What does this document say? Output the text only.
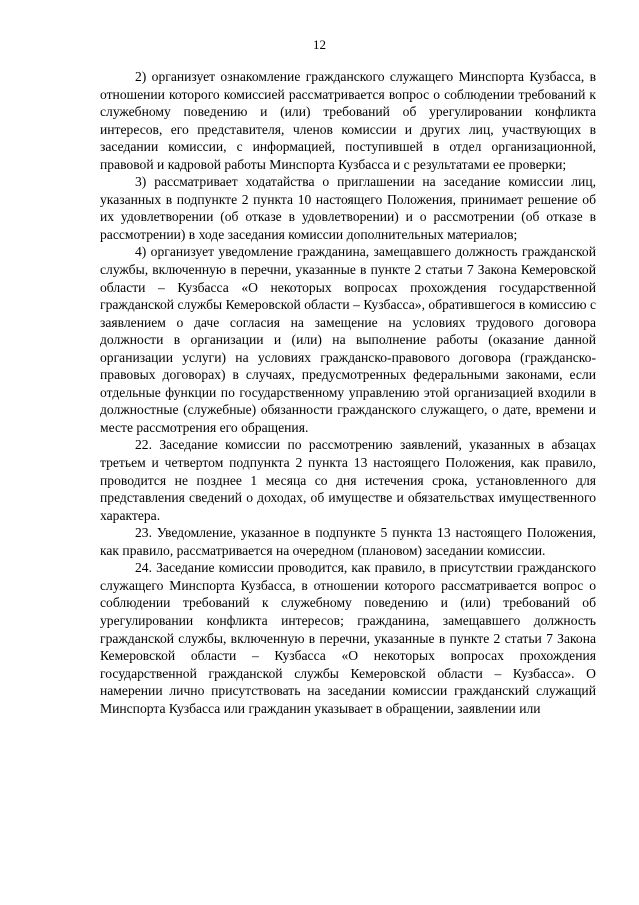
12

2) организует ознакомление гражданского служащего Минспорта Кузбасса, в отношении которого комиссией рассматривается вопрос о соблюдении требований к служебному поведению и (или) требований об урегулировании конфликта интересов, его представителя, членов комиссии и других лиц, участвующих в заседании комиссии, с информацией, поступившей в отдел организационной, правовой и кадровой работы Минспорта Кузбасса и с результатами ее проверки;

3) рассматривает ходатайства о приглашении на заседание комиссии лиц, указанных в подпункте 2 пункта 10 настоящего Положения, принимает решение об их удовлетворении (об отказе в удовлетворении) и о рассмотрении (об отказе в рассмотрении) в ходе заседания комиссии дополнительных материалов;

4) организует уведомление гражданина, замещавшего должность гражданской службы, включенную в перечни, указанные в пункте 2 статьи 7 Закона Кемеровской области – Кузбасса «О некоторых вопросах прохождения государственной гражданской службы Кемеровской области – Кузбасса», обратившегося в комиссию с заявлением о даче согласия на замещение на условиях трудового договора должности в организации и (или) на выполнение работы (оказание данной организации услуги) на условиях гражданско-правового договора (гражданско-правовых договорах) в случаях, предусмотренных федеральными законами, если отдельные функции по государственному управлению этой организацией входили в должностные (служебные) обязанности гражданского служащего, о дате, времени и месте рассмотрения его обращения.

22. Заседание комиссии по рассмотрению заявлений, указанных в абзацах третьем и четвертом подпункта 2 пункта 13 настоящего Положения, как правило, проводится не позднее 1 месяца со дня истечения срока, установленного для представления сведений о доходах, об имуществе и обязательствах имущественного характера.

23. Уведомление, указанное в подпункте 5 пункта 13 настоящего Положения, как правило, рассматривается на очередном (плановом) заседании комиссии.

24. Заседание комиссии проводится, как правило, в присутствии гражданского служащего Минспорта Кузбасса, в отношении которого рассматривается вопрос о соблюдении требований к служебному поведению и (или) требований об урегулировании конфликта интересов; гражданина, замещавшего должность гражданской службы, включенную в перечни, указанные в пункте 2 статьи 7 Закона Кемеровской области – Кузбасса «О некоторых вопросах прохождения государственной гражданской службы Кемеровской области – Кузбасса». О намерении лично присутствовать на заседании комиссии гражданский служащий Минспорта Кузбасса или гражданин указывает в обращении, заявлении или
